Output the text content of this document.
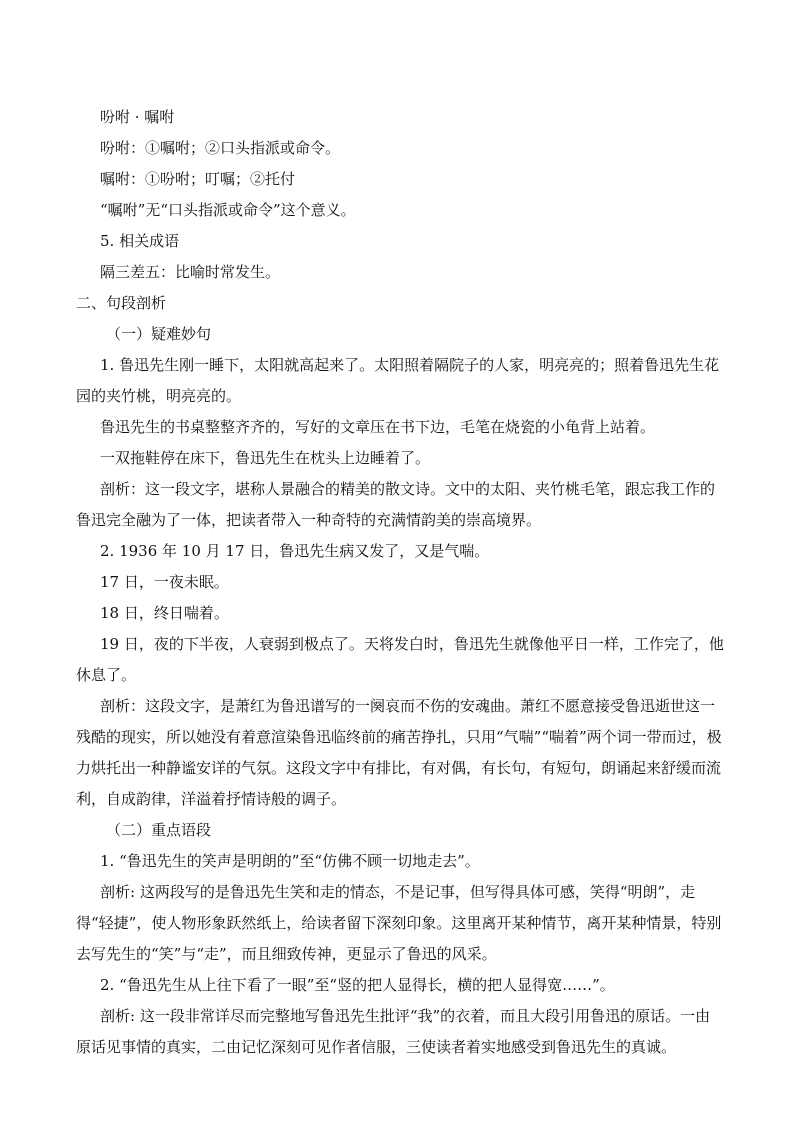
吩咐 · 嘱咐

吩咐：①嘱咐；②口头指派或命令。

嘱咐：①吩咐；叮嘱；②托付

“嘱咐”无“口头指派或命令”这个意义。

5. 相关成语

隔三差五：比喻时常发生。

二、句段剖析

（一）疑难妙句

1. 鲁迅先生刚一睡下，太阳就高起来了。太阳照着隔院子的人家，明亮亮的；照着鲁迅先生花园的夹竹桃，明亮亮的。

鲁迅先生的书桌整整齐齐的，写好的文章压在书下边，毛笔在烧瓷的小龟背上站着。

一双拖鞋停在床下，鲁迅先生在枕头上边睡着了。

剖析：这一段文字，堪称人景融合的精美的散文诗。文中的太阳、夹竹桃毛笔，跟忘我工作的鲁迅完全融为了一体，把读者带入一种奇特的充满情韵美的崇高境界。

2. 1936 年 10 月 17 日，鲁迅先生病又发了，又是气喘。

17 日，一夜未眠。

18 日，终日喘着。

19 日，夜的下半夜，人衰弱到极点了。天将发白时，鲁迅先生就像他平日一样，工作完了，他休息了。

剖析：这段文字，是萧红为鲁迅谱写的一阕哀而不伤的安魂曲。萧红不愿意接受鲁迅逝世这一残酷的现实，所以她没有着意渲染鲁迅临终前的痛苦挣扎，只用“气喘”“喘着”两个词一带而过，极力烘托出一种静谧安详的气氛。这段文字中有排比，有对偶，有长句，有短句，朗诵起来舒缓而流利，自成韵律，洋溢着抒情诗般的调子。

（二）重点语段

1. “鲁迅先生的笑声是明朗的”至“仿佛不顾一切地走去”。

剖析: 这两段写的是鲁迅先生笑和走的情态，不是记事，但写得具体可感，笑得“明朗”，走得“轻捷”，使人物形象跃然纸上，给读者留下深刻印象。这里离开某种情节，离开某种情景，特别去写先生的“笑”与“走”，而且细致传神，更显示了鲁迅的风采。

2. “鲁迅先生从上往下看了一眼”至“竖的把人显得长，横的把人显得宽……”。

剖析: 这一段非常详尽而完整地写鲁迅先生批评“我”的衣着，而且大段引用鲁迅的原话。一由原话见事情的真实，二由记忆深刻可见作者信服，三使读者着实地感受到鲁迅先生的真诚。
